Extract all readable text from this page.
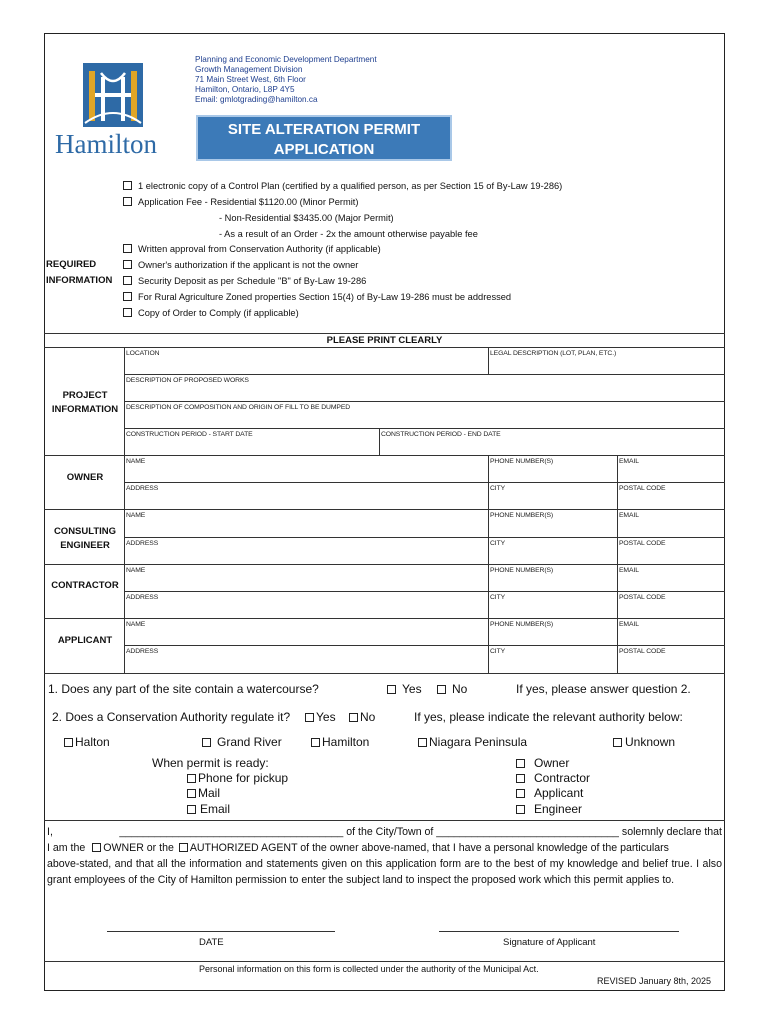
Hamilton
Planning and Economic Development Department
Growth Management Division
71 Main Street West, 6th Floor
Hamilton, Ontario, L8P 4Y5
Email: gmlotgrading@hamilton.ca
SITE ALTERATION PERMIT
APPLICATION
REQUIRED
INFORMATION
1 electronic copy of a Control Plan (certified by a qualified person, as per Section 15 of By-Law 19-286)
Application Fee - Residential $1120.00 (Minor Permit)
- Non-Residential $3435.00 (Major Permit)
- As a result of an Order - 2x the amount otherwise payable fee
Written approval from Conservation Authority (if applicable)
Owner's authorization if the applicant is not the owner
Security Deposit as per Schedule "B" of By-Law 19-286
For Rural Agriculture Zoned properties Section 15(4) of By-Law 19-286 must be addressed
Copy of Order to Comply (if applicable)
PLEASE PRINT CLEARLY
PROJECT
INFORMATION
LOCATION	LEGAL DESCRIPTION (LOT, PLAN, ETC.)
DESCRIPTION OF PROPOSED WORKS
DESCRIPTION OF COMPOSITION AND ORIGIN OF FILL TO BE DUMPED
CONSTRUCTION PERIOD - START DATE	CONSTRUCTION PERIOD - END DATE
OWNER
NAME	PHONE NUMBER(S)	EMAIL
ADDRESS	CITY	POSTAL CODE
CONSULTING
ENGINEER
NAME	PHONE NUMBER(S)	EMAIL
ADDRESS	CITY	POSTAL CODE
CONTRACTOR
NAME	PHONE NUMBER(S)	EMAIL
ADDRESS	CITY	POSTAL CODE
APPLICANT
NAME	PHONE NUMBER(S)	EMAIL
ADDRESS	CITY	POSTAL CODE
1. Does any part of the site contain a watercourse?	Yes	No	If yes, please answer question 2.
2. Does a Conservation Authority regulate it?	Yes	No	If yes, please indicate the relevant authority below:
Halton	Grand River	Hamilton	Niagara Peninsula	Unknown
When permit is ready:
Phone for pickup
Mail
Email
Owner
Contractor
Applicant
Engineer
I,	______________________________________ of the City/Town of _______________________________ solemnly declare that
I am the OWNER or the AUTHORIZED AGENT of the owner above-named, that I have a personal knowledge of the particulars
above-stated, and that all the information and statements given on this application form are to the best of my knowledge and belief true. I also grant employees of the City of Hamilton permission to enter the subject land to inspect the proposed work which this permit applies to.
DATE	Signature of Applicant
Personal information on this form is collected under the authority of the Municipal Act.
REVISED January 8th, 2025
